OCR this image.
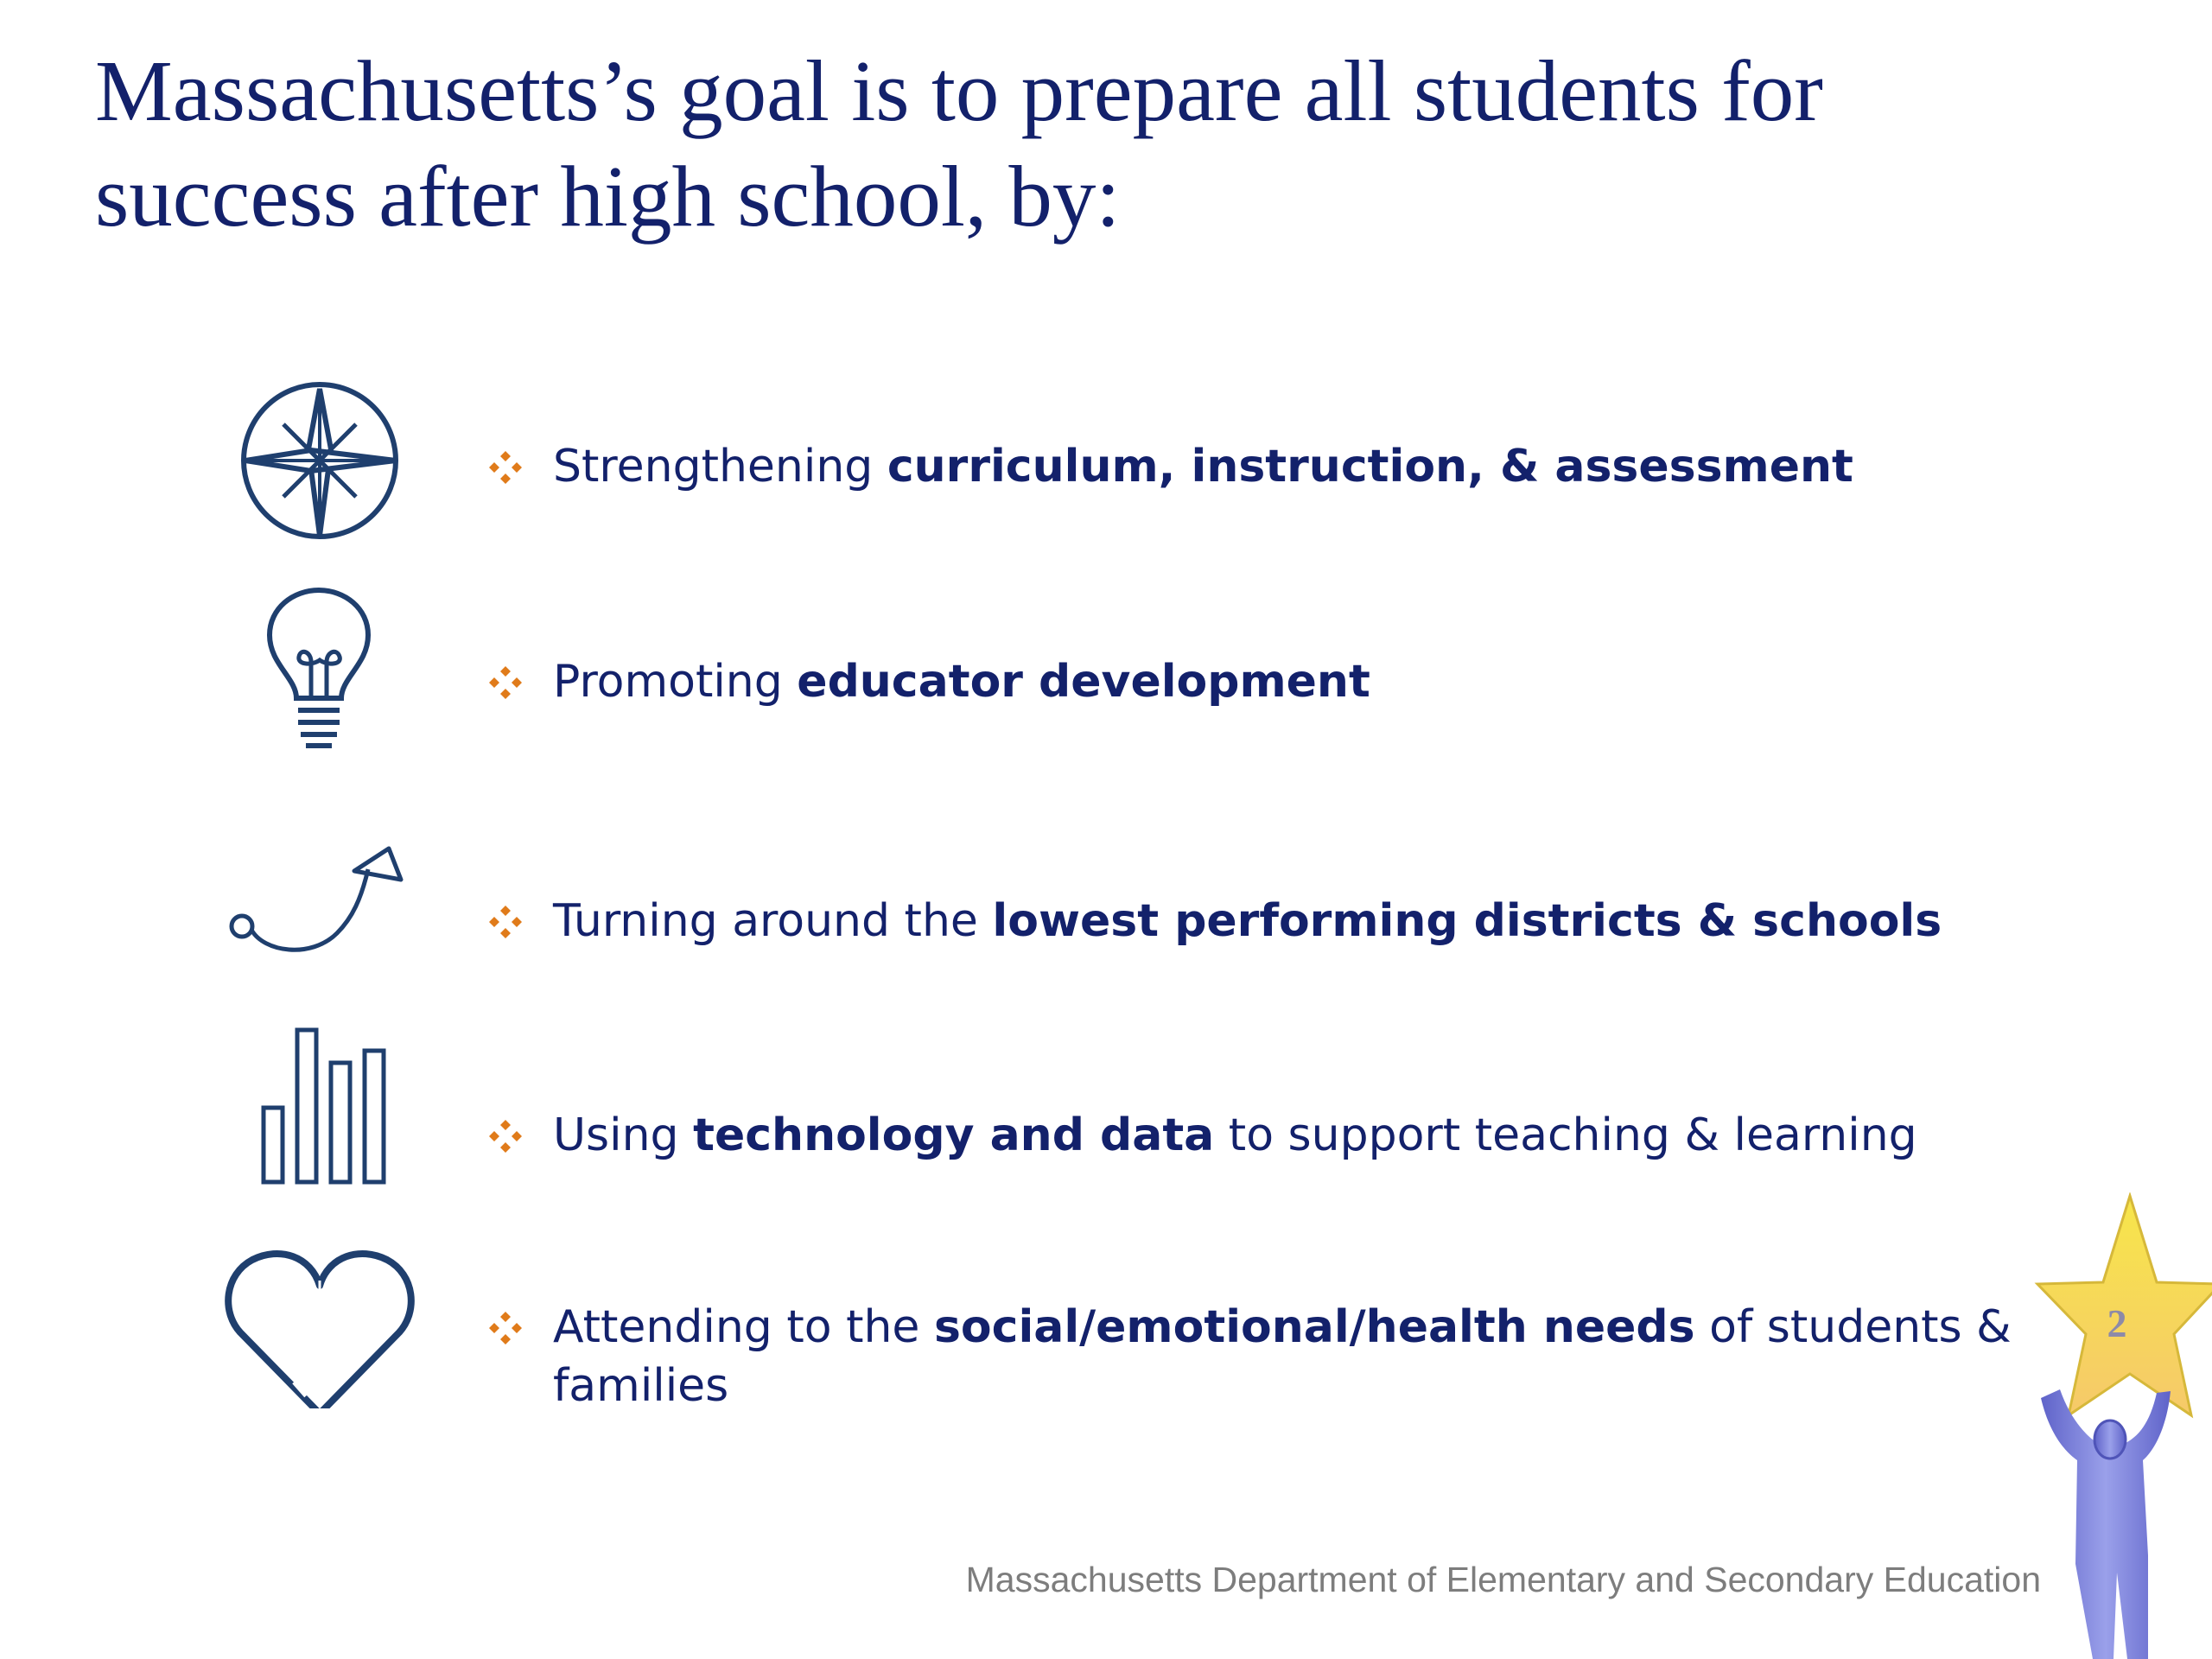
Massachusetts’s goal is to prepare all students for success after high school, by:
Strengthening curriculum, instruction, & assessment
Promoting educator development
Turning around the lowest performing districts & schools
Using technology and data to support teaching & learning
Attending to the social/emotional/health needs of students & families
2
Massachusetts Department of Elementary and Secondary Education
